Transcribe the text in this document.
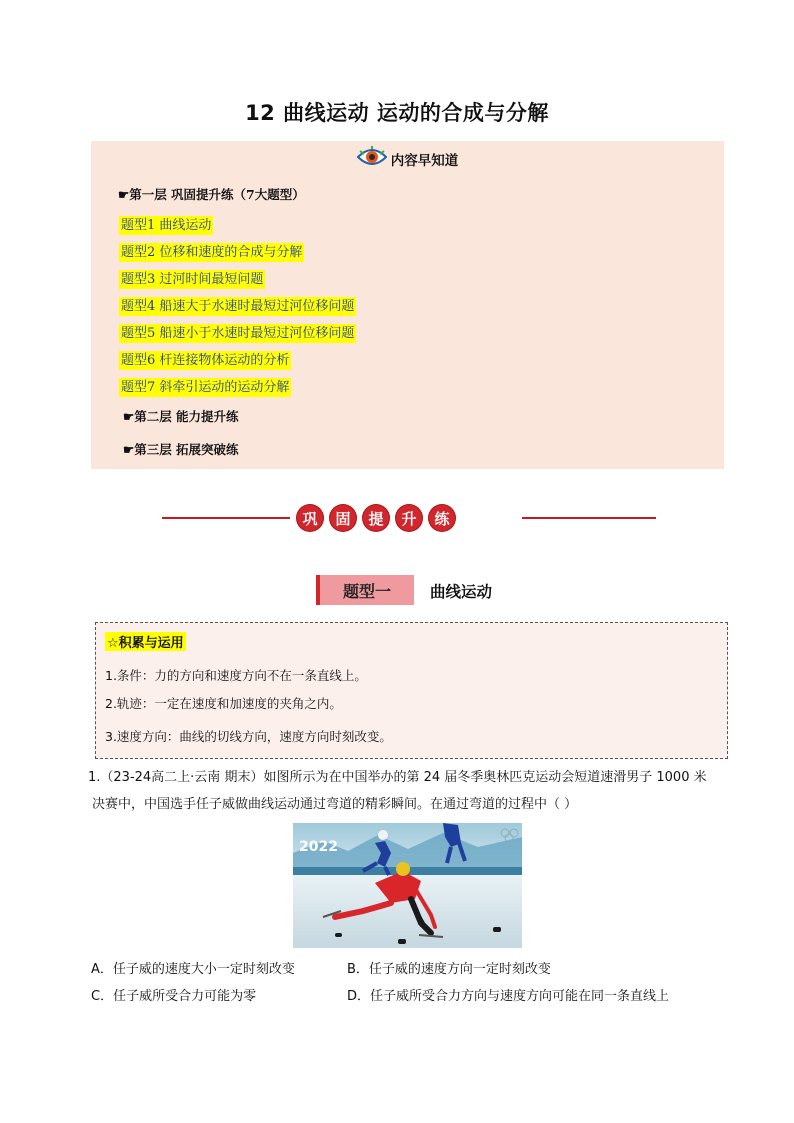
12 曲线运动 运动的合成与分解
内容早知道
☛第一层 巩固提升练（7大题型）
题型1 曲线运动
题型2 位移和速度的合成与分解
题型3 过河时间最短问题
题型4 船速大于水速时最短过河位移问题
题型5 船速小于水速时最短过河位移问题
题型6 杆连接物体运动的分析
题型7 斜牵引运动的运动分解
☛第二层 能力提升练
☛第三层 拓展突破练
巩	固	提	升	练
题型一	曲线运动
☆积累与运用
1.条件：力的方向和速度方向不在一条直线上。
2.轨迹：一定在速度和加速度的夹角之内。
3.速度方向：曲线的切线方向，速度方向时刻改变。
1.（23-24高二上·云南 期末）如图所示为在中国举办的第 24 届冬季奥林匹克运动会短道速滑男子 1000 米
决赛中，中国选手任子威做曲线运动通过弯道的精彩瞬间。在通过弯道的过程中（ ）
2022
A．任子威的速度大小一定时刻改变	B．任子威的速度方向一定时刻改变
C．任子威所受合力可能为零	D．任子威所受合力方向与速度方向可能在同一条直线上
